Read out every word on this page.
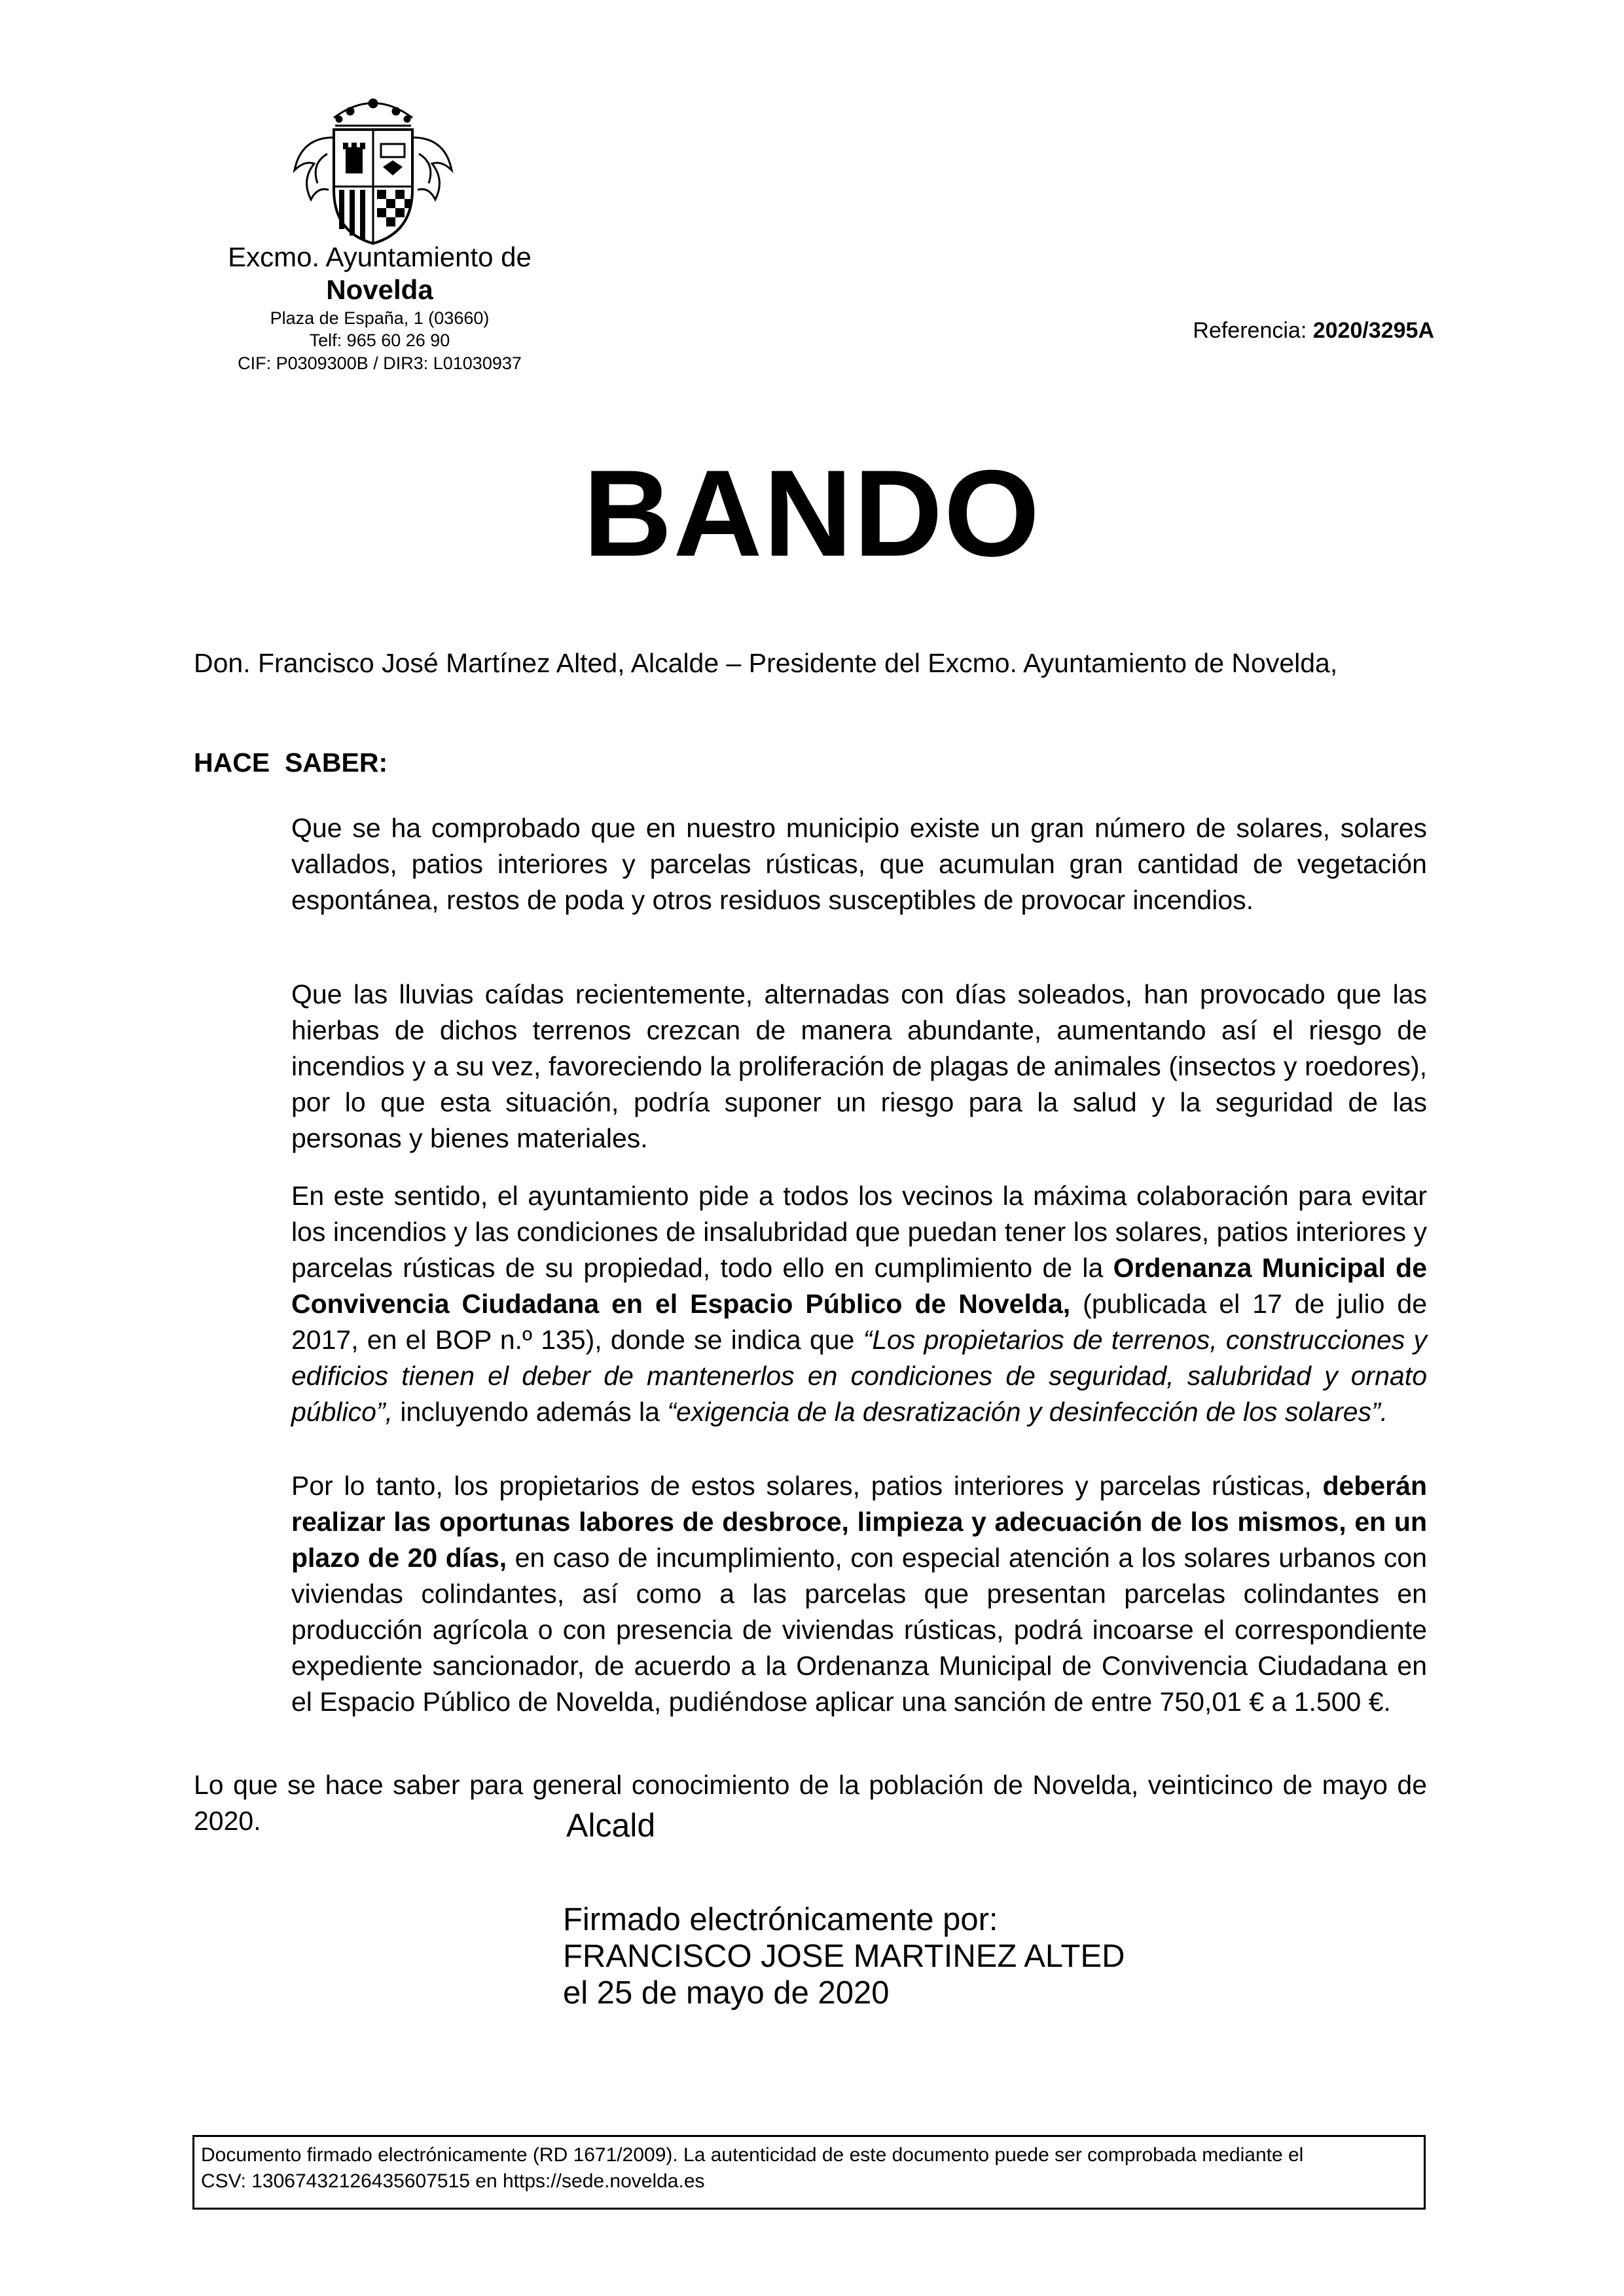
Excmo. Ayuntamiento de
Novelda
Plaza de España, 1 (03660)
Telf: 965 60 26 90
CIF: P0309300B / DIR3: L01030937
Referencia: 2020/3295A
BANDO
Don. Francisco José Martínez Alted, Alcalde – Presidente del Excmo. Ayuntamiento de Novelda,
HACE  SABER:
Que se ha comprobado que en nuestro municipio existe un gran número de solares, solares vallados, patios interiores y parcelas rústicas, que acumulan gran cantidad de vegetación espontánea, restos de poda y otros residuos susceptibles de provocar incendios.
Que las lluvias caídas recientemente, alternadas con días soleados, han provocado que las hierbas de dichos terrenos crezcan de manera abundante, aumentando así el riesgo de incendios y a su vez, favoreciendo la proliferación de plagas de animales (insectos y roedores), por lo que esta situación, podría suponer un riesgo para la salud y la seguridad de las personas y bienes materiales.
En este sentido, el ayuntamiento pide a todos los vecinos la máxima colaboración para evitar los incendios y las condiciones de insalubridad que puedan tener los solares, patios interiores y parcelas rústicas de su propiedad, todo ello en cumplimiento de la Ordenanza Municipal de Convivencia Ciudadana en el Espacio Público de Novelda, (publicada el 17 de julio de 2017, en el BOP n.º 135), donde se indica que “Los propietarios de terrenos, construcciones y edificios tienen el deber de mantenerlos en condiciones de seguridad, salubridad y ornato público”, incluyendo además la “exigencia de la desratización y desinfección de los solares”.
Por lo tanto, los propietarios de estos solares, patios interiores y parcelas rústicas, deberán realizar las oportunas labores de desbroce, limpieza y adecuación de los mismos, en un plazo de 20 días, en caso de incumplimiento, con especial atención a los solares urbanos con viviendas colindantes, así como a las parcelas que presentan parcelas colindantes en producción agrícola o con presencia de viviendas rústicas, podrá incoarse el correspondiente expediente sancionador, de acuerdo a la Ordenanza Municipal de Convivencia Ciudadana en el Espacio Público de Novelda, pudiéndose aplicar una sanción de entre 750,01 € a 1.500 €.
Lo que se hace saber para general conocimiento de la población de Novelda, veinticinco de mayo de 2020.	Alcald
Firmado electrónicamente por:
FRANCISCO JOSE MARTINEZ ALTED
el 25 de mayo de 2020
Documento firmado electrónicamente (RD 1671/2009). La autenticidad de este documento puede ser comprobada mediante el
CSV: 13067432126435607515 en https://sede.novelda.es
